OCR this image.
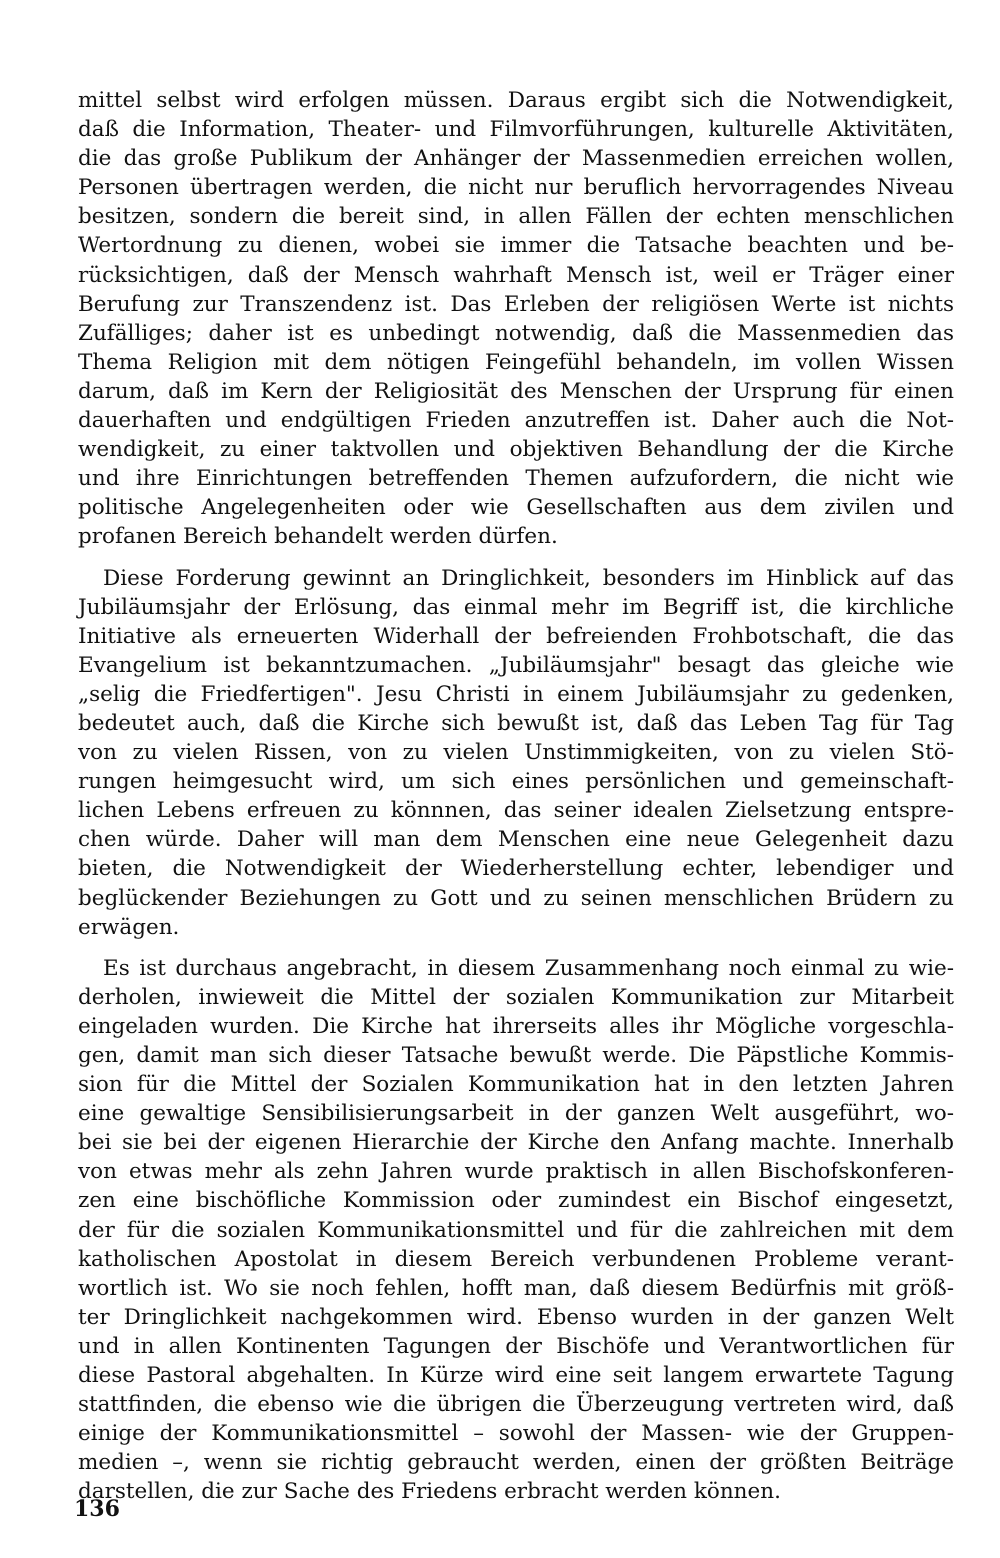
mittel selbst wird erfolgen müssen. Daraus ergibt sich die Notwendigkeit,
daß die Information, Theater- und Filmvorführungen, kulturelle Aktivitäten,
die das große Publikum der Anhänger der Massenmedien erreichen wollen,
Personen übertragen werden, die nicht nur beruflich hervorragendes Niveau
besitzen, sondern die bereit sind, in allen Fällen der echten menschlichen
Wertordnung zu dienen, wobei sie immer die Tatsache beachten und be-
rücksichtigen, daß der Mensch wahrhaft Mensch ist, weil er Träger einer
Berufung zur Transzendenz ist. Das Erleben der religiösen Werte ist nichts
Zufälliges; daher ist es unbedingt notwendig, daß die Massenmedien das
Thema Religion mit dem nötigen Feingefühl behandeln, im vollen Wissen
darum, daß im Kern der Religiosität des Menschen der Ursprung für einen
dauerhaften und endgültigen Frieden anzutreffen ist. Daher auch die Not-
wendigkeit, zu einer taktvollen und objektiven Behandlung der die Kirche
und ihre Einrichtungen betreffenden Themen aufzufordern, die nicht wie
politische Angelegenheiten oder wie Gesellschaften aus dem zivilen und
profanen Bereich behandelt werden dürfen.
Diese Forderung gewinnt an Dringlichkeit, besonders im Hinblick auf das
Jubiläumsjahr der Erlösung, das einmal mehr im Begriff ist, die kirchliche
Initiative als erneuerten Widerhall der befreienden Frohbotschaft, die das
Evangelium ist bekanntzumachen. „Jubiläumsjahr" besagt das gleiche wie
„selig die Friedfertigen". Jesu Christi in einem Jubiläumsjahr zu gedenken,
bedeutet auch, daß die Kirche sich bewußt ist, daß das Leben Tag für Tag
von zu vielen Rissen, von zu vielen Unstimmigkeiten, von zu vielen Stö-
rungen heimgesucht wird, um sich eines persönlichen und gemeinschaft-
lichen Lebens erfreuen zu könnnen, das seiner idealen Zielsetzung entspre-
chen würde. Daher will man dem Menschen eine neue Gelegenheit dazu
bieten, die Notwendigkeit der Wiederherstellung echter, lebendiger und
beglückender Beziehungen zu Gott und zu seinen menschlichen Brüdern zu
erwägen.
Es ist durchaus angebracht, in diesem Zusammenhang noch einmal zu wie-
derholen, inwieweit die Mittel der sozialen Kommunikation zur Mitarbeit
eingeladen wurden. Die Kirche hat ihrerseits alles ihr Mögliche vorgeschla-
gen, damit man sich dieser Tatsache bewußt werde. Die Päpstliche Kommis-
sion für die Mittel der Sozialen Kommunikation hat in den letzten Jahren
eine gewaltige Sensibilisierungsarbeit in der ganzen Welt ausgeführt, wo-
bei sie bei der eigenen Hierarchie der Kirche den Anfang machte. Innerhalb
von etwas mehr als zehn Jahren wurde praktisch in allen Bischofskonferen-
zen eine bischöfliche Kommission oder zumindest ein Bischof eingesetzt,
der für die sozialen Kommunikationsmittel und für die zahlreichen mit dem
katholischen Apostolat in diesem Bereich verbundenen Probleme verant-
wortlich ist. Wo sie noch fehlen, hofft man, daß diesem Bedürfnis mit größ-
ter Dringlichkeit nachgekommen wird. Ebenso wurden in der ganzen Welt
und in allen Kontinenten Tagungen der Bischöfe und Verantwortlichen für
diese Pastoral abgehalten. In Kürze wird eine seit langem erwartete Tagung
stattfinden, die ebenso wie die übrigen die Überzeugung vertreten wird, daß
einige der Kommunikationsmittel – sowohl der Massen- wie der Gruppen-
medien –, wenn sie richtig gebraucht werden, einen der größten Beiträge
darstellen, die zur Sache des Friedens erbracht werden können.
136
